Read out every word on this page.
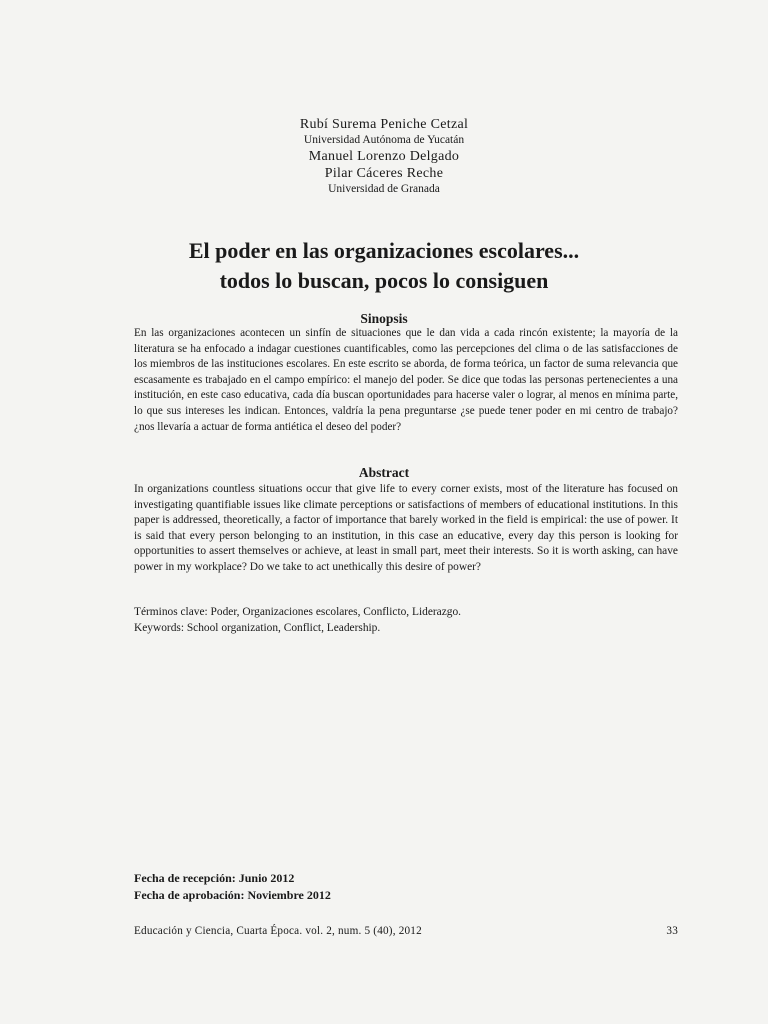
Rubí Surema Peniche Cetzal
Universidad Autónoma de Yucatán
Manuel Lorenzo Delgado
Pilar Cáceres Reche
Universidad de Granada
El poder en las organizaciones escolares...
todos lo buscan, pocos lo consiguen
Sinopsis
En las organizaciones acontecen un sinfín de situaciones que le dan vida a cada rincón existente; la mayoría de la literatura se ha enfocado a indagar cuestiones cuantificables, como las percepciones del clima o de las satisfacciones de los miembros de las instituciones escolares. En este escrito se aborda, de forma teórica, un factor de suma relevancia que escasamente es trabajado en el campo empírico: el manejo del poder. Se dice que todas las personas pertenecientes a una institución, en este caso educativa, cada día buscan oportunidades para hacerse valer o lograr, al menos en mínima parte, lo que sus intereses les indican. Entonces, valdría la pena preguntarse ¿se puede tener poder en mi centro de trabajo? ¿nos llevaría a actuar de forma antiética el deseo del poder?
Abstract
In organizations countless situations occur that give life to every corner exists, most of the literature has focused on investigating quantifiable issues like climate perceptions or satisfactions of members of educational institutions. In this paper is addressed, theoretically, a factor of importance that barely worked in the field is empirical: the use of power. It is said that every person belonging to an institution, in this case an educative, every day this person is looking for opportunities to assert themselves or achieve, at least in small part, meet their interests. So it is worth asking, can have power in my workplace? Do we take to act unethically this desire of power?
Términos clave: Poder, Organizaciones escolares, Conflicto, Liderazgo.
Keywords: School organization, Conflict, Leadership.
Fecha de recepción: Junio 2012
Fecha de aprobación: Noviembre 2012
Educación y Ciencia, Cuarta Época. vol. 2, num. 5 (40), 2012	33
